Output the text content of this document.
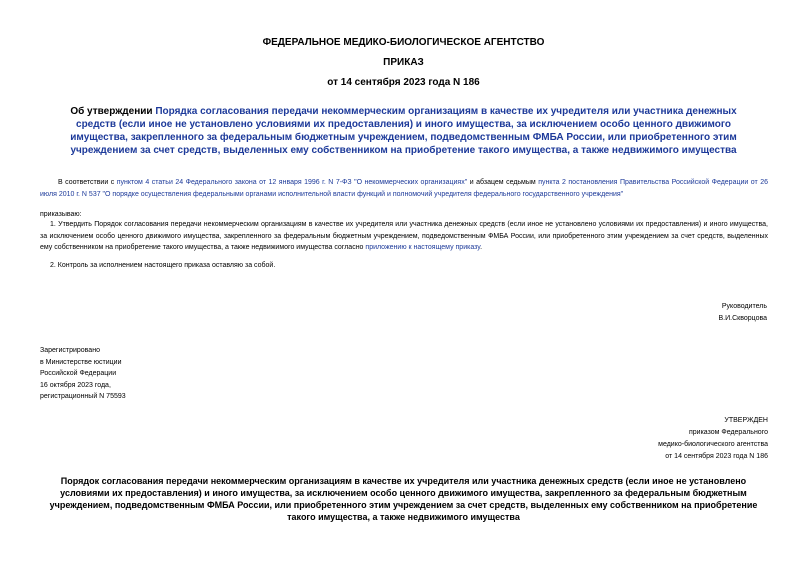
ФЕДЕРАЛЬНОЕ МЕДИКО-БИОЛОГИЧЕСКОЕ АГЕНТСТВО
ПРИКАЗ
от 14 сентября 2023 года N 186
Об утверждении Порядка согласования передачи некоммерческим организациям в качестве их учредителя или участника денежных средств (если иное не установлено условиями их предоставления) и иного имущества, за исключением особо ценного движимого имущества, закрепленного за федеральным бюджетным учреждением, подведомственным ФМБА России, или приобретенного этим учреждением за счет средств, выделенных ему собственником на приобретение такого имущества, а также недвижимого имущества
В соответствии с пунктом 4 статьи 24 Федерального закона от 12 января 1996 г. N 7-ФЗ "О некоммерческих организациях" и абзацем седьмым пункта 2 постановления Правительства Российской Федерации от 26 июля 2010 г. N 537 "О порядке осуществления федеральными органами исполнительной власти функций и полномочий учредителя федерального государственного учреждения"
приказываю:
1. Утвердить Порядок согласования передачи некоммерческим организациям в качестве их учредителя или участника денежных средств (если иное не установлено условиями их предоставления) и иного имущества, за исключением особо ценного движимого имущества, закрепленного за федеральным бюджетным учреждением, подведомственным ФМБА России, или приобретенного этим учреждением за счет средств, выделенных ему собственником на приобретение такого имущества, а также недвижимого имущества согласно приложению к настоящему приказу.
2. Контроль за исполнением настоящего приказа оставляю за собой.
Руководитель
В.И.Скворцова
Зарегистрировано
в Министерстве юстиции
Российской Федерации
16 октября 2023 года,
регистрационный N 75593
УТВЕРЖДЕН
приказом Федерального
медико-биологического агентства
от 14 сентября 2023 года N 186
Порядок согласования передачи некоммерческим организациям в качестве их учредителя или участника денежных средств (если иное не установлено условиями их предоставления) и иного имущества, за исключением особо ценного движимого имущества, закрепленного за федеральным бюджетным учреждением, подведомственным ФМБА России, или приобретенного этим учреждением за счет средств, выделенных ему собственником на приобретение такого имущества, а также недвижимого имущества
